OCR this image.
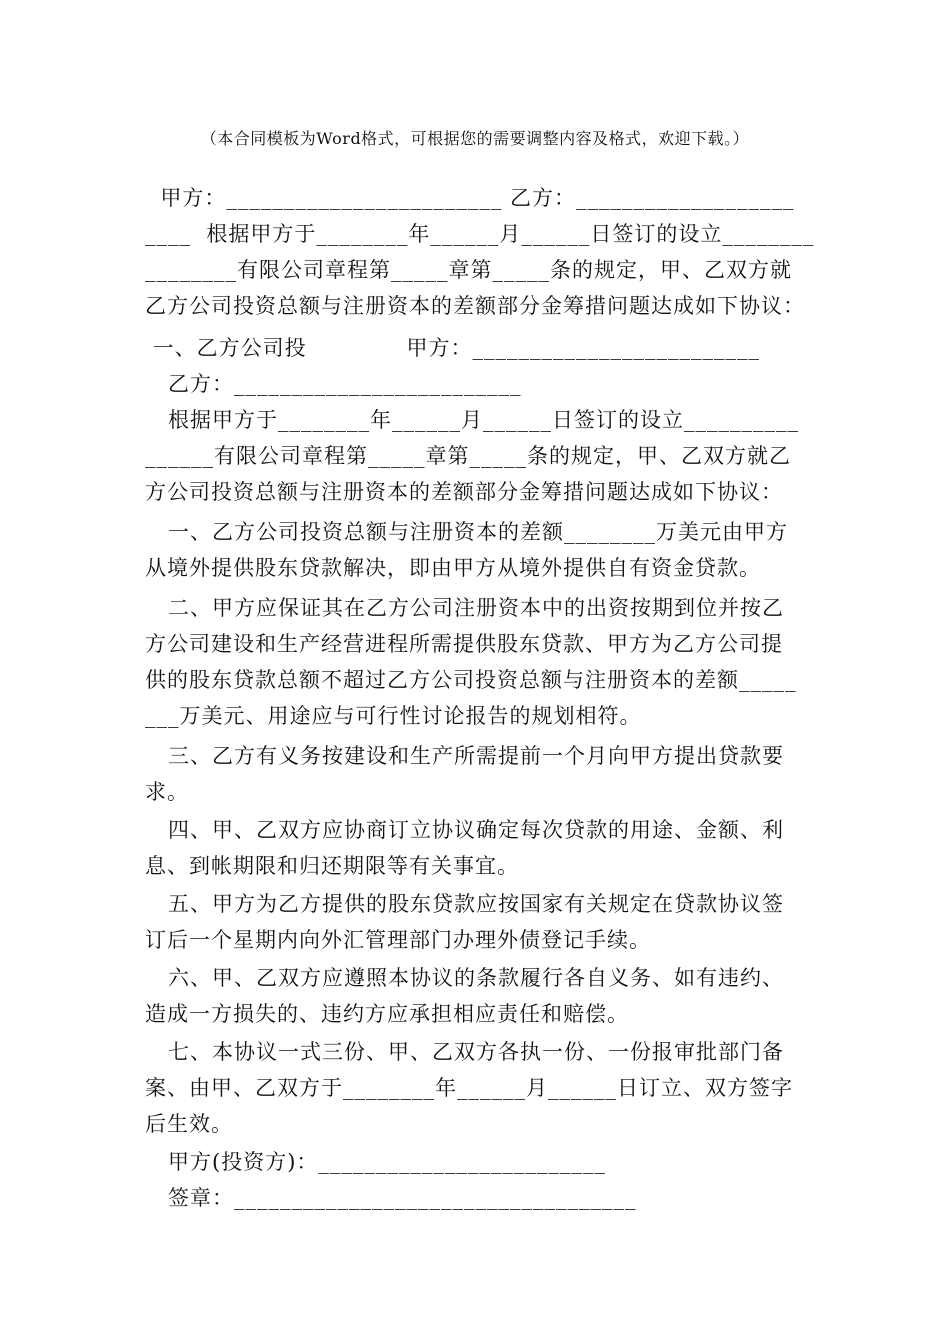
（本合同模板为Word格式，可根据您的需要调整内容及格式，欢迎下载。）
甲方：________________________ 乙方：___________________
____  根据甲方于________年______月______日签订的设立________
________有限公司章程第_____章第_____条的规定，甲、乙双方就
乙方公司投资总额与注册资本的差额部分金筹措问题达成如下协议：
一、乙方公司投             甲方：_________________________
乙方：_________________________
根据甲方于________年______月______日签订的设立__________
______有限公司章程第_____章第_____条的规定，甲、乙双方就乙
方公司投资总额与注册资本的差额部分金筹措问题达成如下协议：
一、乙方公司投资总额与注册资本的差额________万美元由甲方
从境外提供股东贷款解决，即由甲方从境外提供自有资金贷款。
二、甲方应保证其在乙方公司注册资本中的出资按期到位并按乙
方公司建设和生产经营进程所需提供股东贷款、甲方为乙方公司提
供的股东贷款总额不超过乙方公司投资总额与注册资本的差额_____
___万美元、用途应与可行性讨论报告的规划相符。
三、乙方有义务按建设和生产所需提前一个月向甲方提出贷款要
求。
四、甲、乙双方应协商订立协议确定每次贷款的用途、金额、利
息、到帐期限和归还期限等有关事宜。
五、甲方为乙方提供的股东贷款应按国家有关规定在贷款协议签
订后一个星期内向外汇管理部门办理外债登记手续。
六、甲、乙双方应遵照本协议的条款履行各自义务、如有违约、
造成一方损失的、违约方应承担相应责任和赔偿。
七、本协议一式三份、甲、乙双方各执一份、一份报审批部门备
案、由甲、乙双方于________年______月______日订立、双方签字
后生效。
甲方(投资方)：_________________________
签章：___________________________________
